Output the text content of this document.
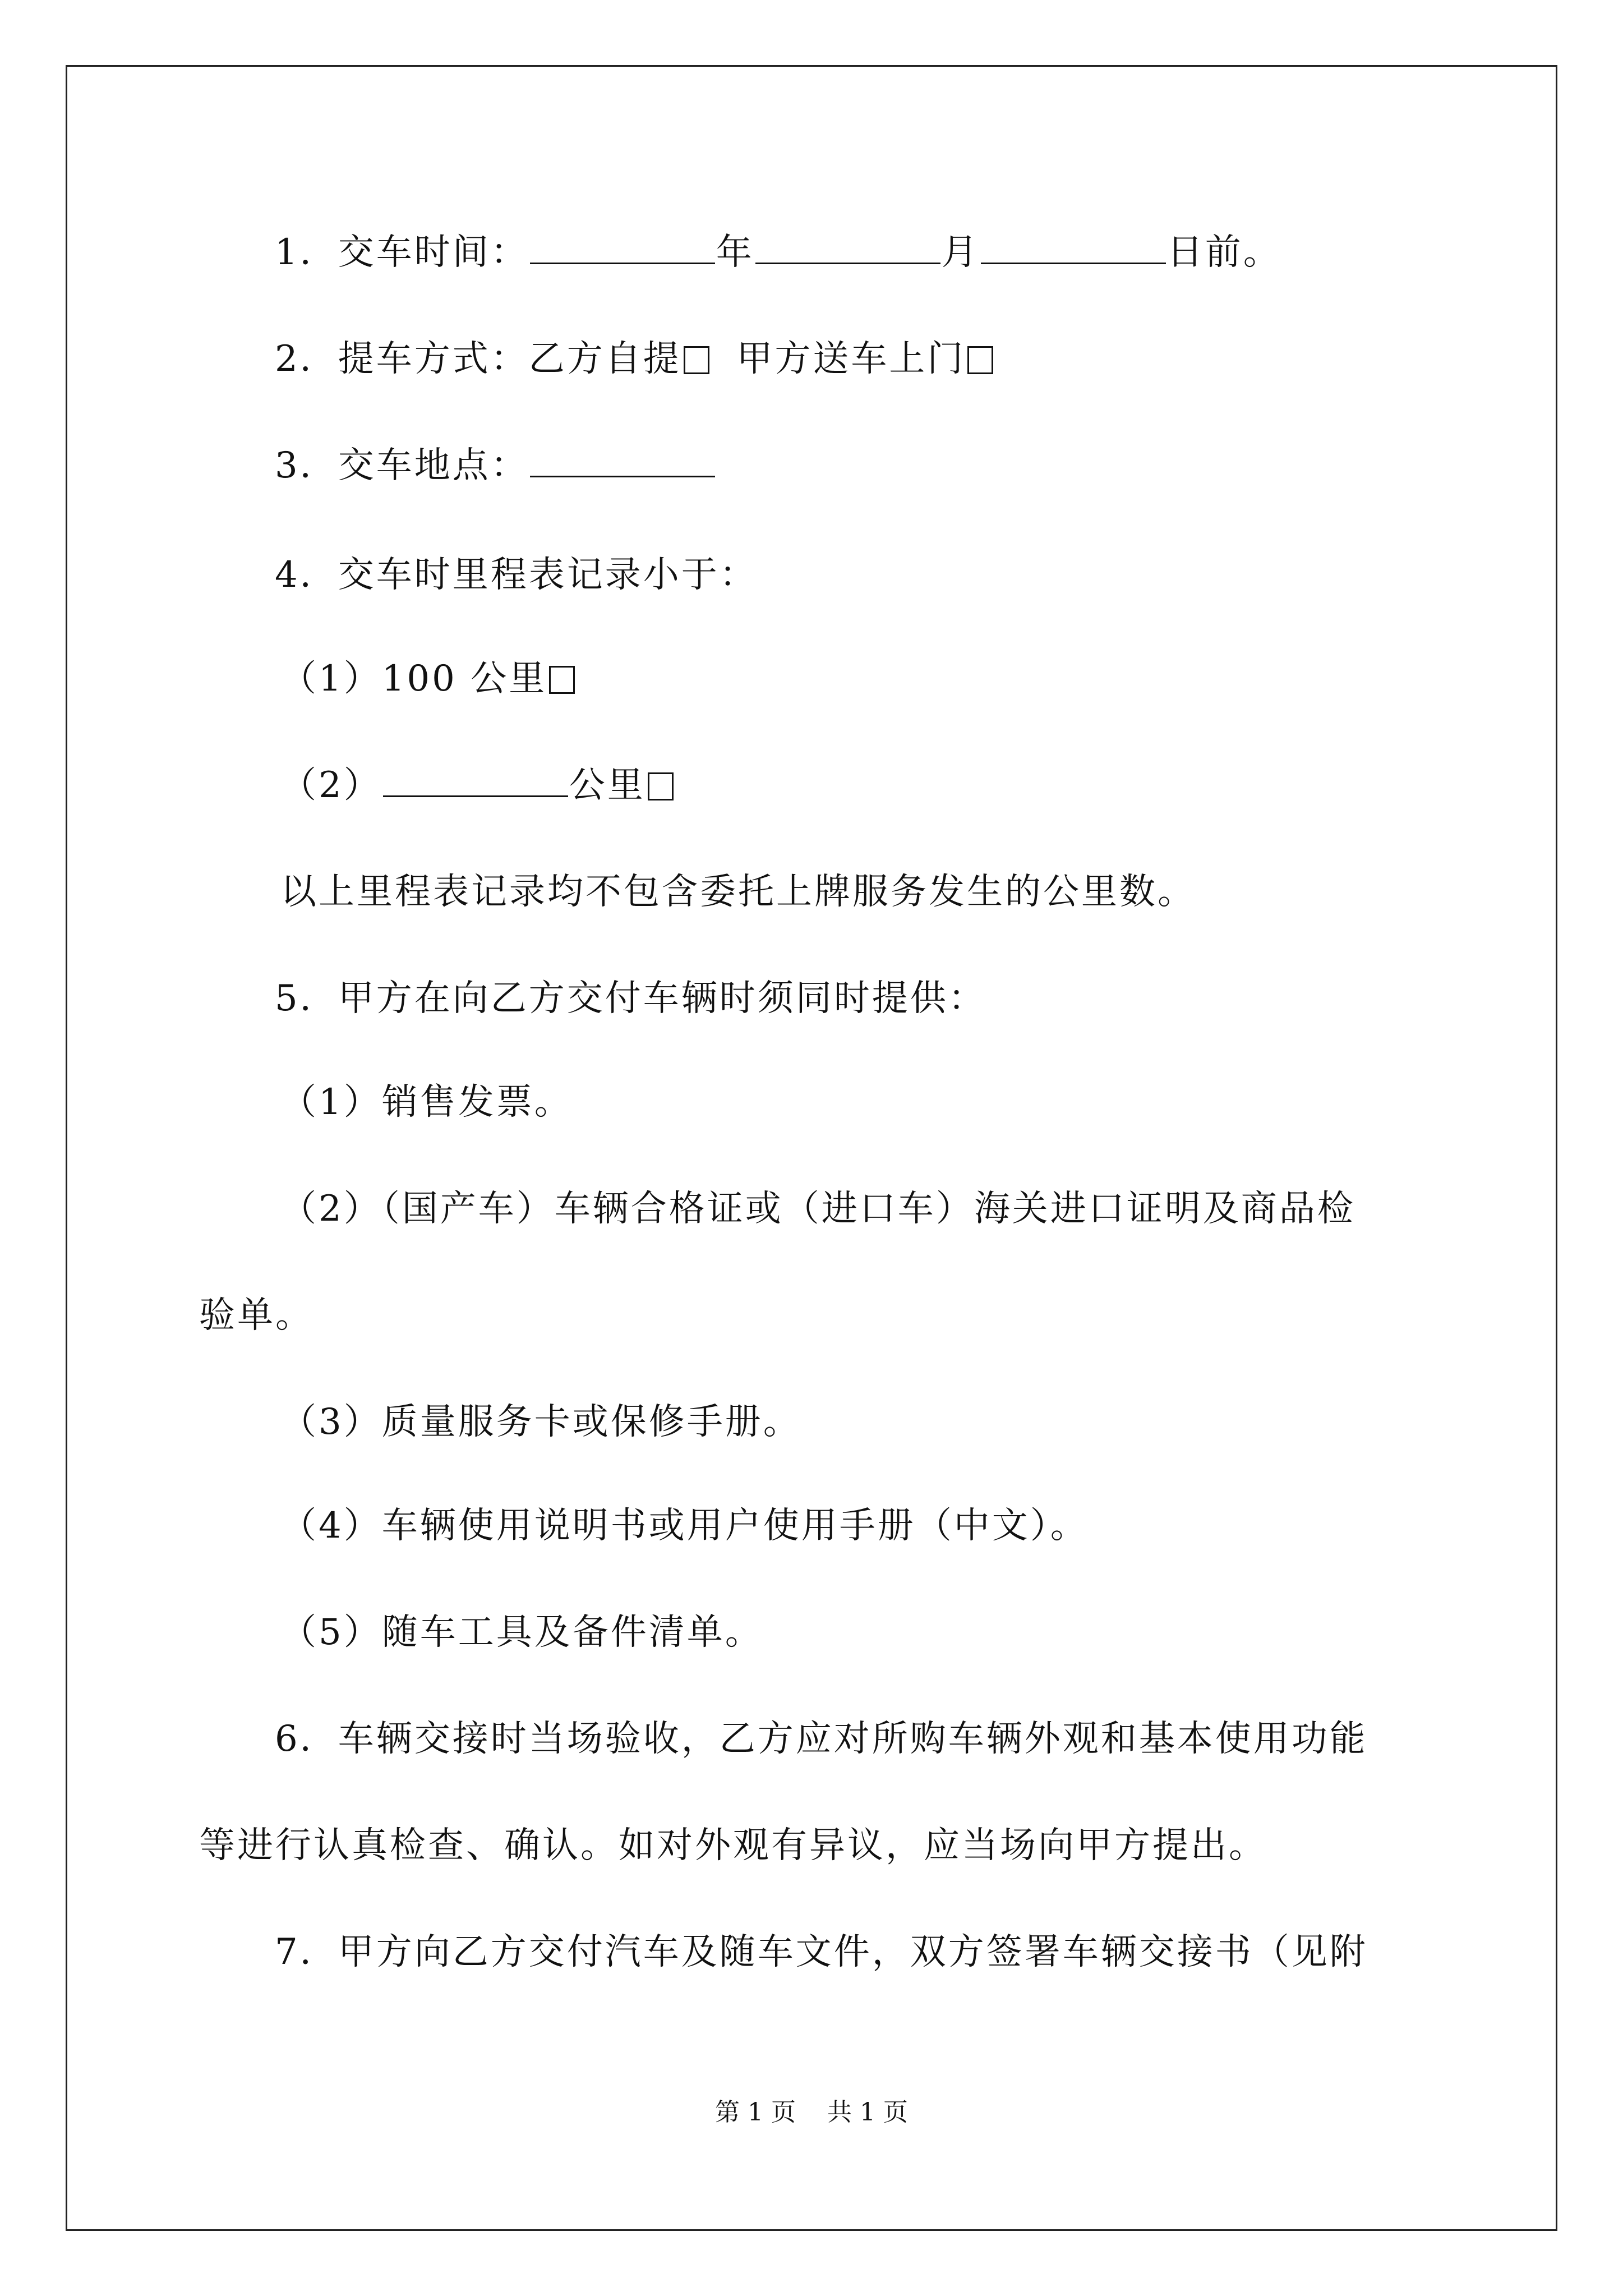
1．交车时间：	年	月	日前。
2．提车方式：乙方自提 甲方送车上门
3．交车地点：
4．交车时里程表记录小于：
（1）100 公里
（2）	公里
以上里程表记录均不包含委托上牌服务发生的公里数。
5．甲方在向乙方交付车辆时须同时提供：
（1）销售发票。
（2）（国产车）车辆合格证或（进口车）海关进口证明及商品检
验单。
（3）质量服务卡或保修手册。
（4）车辆使用说明书或用户使用手册（中文）。
（5）随车工具及备件清单。
6．车辆交接时当场验收，乙方应对所购车辆外观和基本使用功能
等进行认真检查、确认。如对外观有异议，应当场向甲方提出。
7．甲方向乙方交付汽车及随车文件，双方签署车辆交接书（见附
第 1 页    共 1 页
